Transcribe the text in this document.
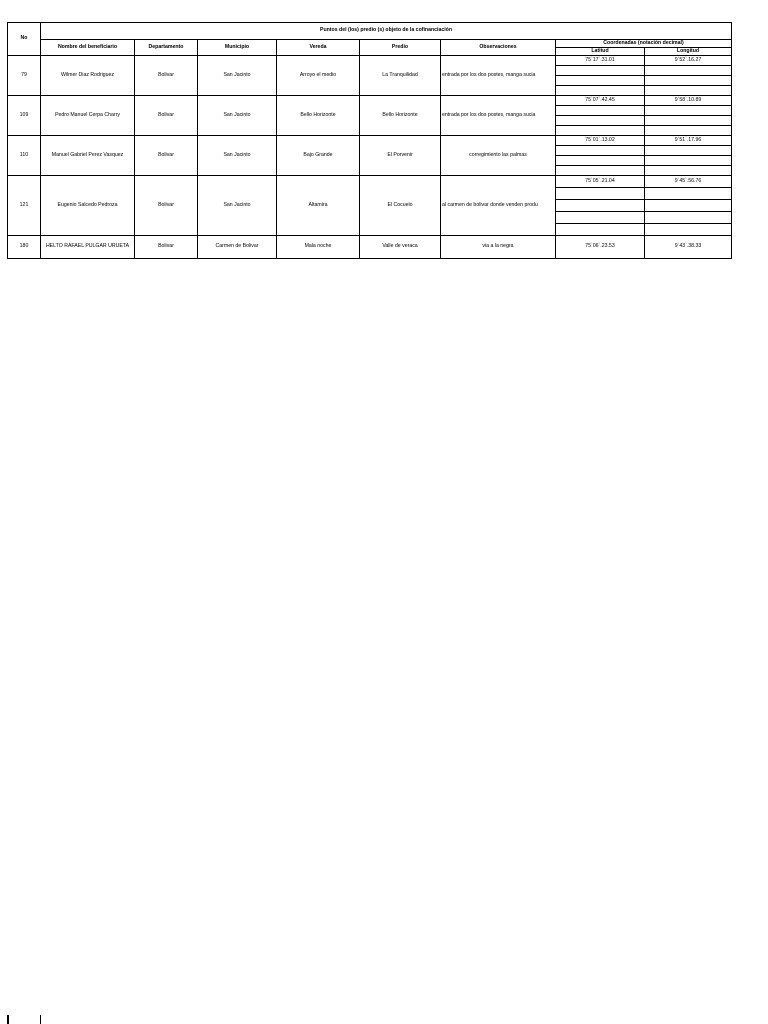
No	Puntos del (los) predio (s) objeto de la cofinanciación							
	Nombre del beneficiario	Departamento	Municipio	Vereda	Predio	Observaciones	Coordenadas (notación decimal)	
							Latitud	Longitud
79	Wilmer Diaz Rodriguez	Bolivar	San Jacinto	Arroyo el medio	La Tranquilidad	entrada por los dos postes, manga sucia	75`17`.31.01	9`52`.16.27

109	Pedro Manuel Cerpa Charry	Bolivar	San Jacinto	Bello Horizonte	Bello Horizonte	entrada por los dos postes, manga sucia	75`07`.42.45	9`58`.10.89

110	Manuel Gabriel Perez Vasquez	Bolivar	San Jacinto	Bajo Grande	El Porvenir	corregimiento las palmas	75`01`.13.02	9`51`.17.96

121	Eugenio Salcedo Pedroza	Bolivar	San Jacinto	Altamira	El Cocuelo	al carmen de bolivar donde venden produ	75`05`.21.04	9`45`.56.76

180	HELTO RAFAEL PULGAR URUETA	Bolivar	Carmen de Bolivar	Mala noche	Valle de veraca	via a la negra	75`06`.23.53	9`43`.38.33
